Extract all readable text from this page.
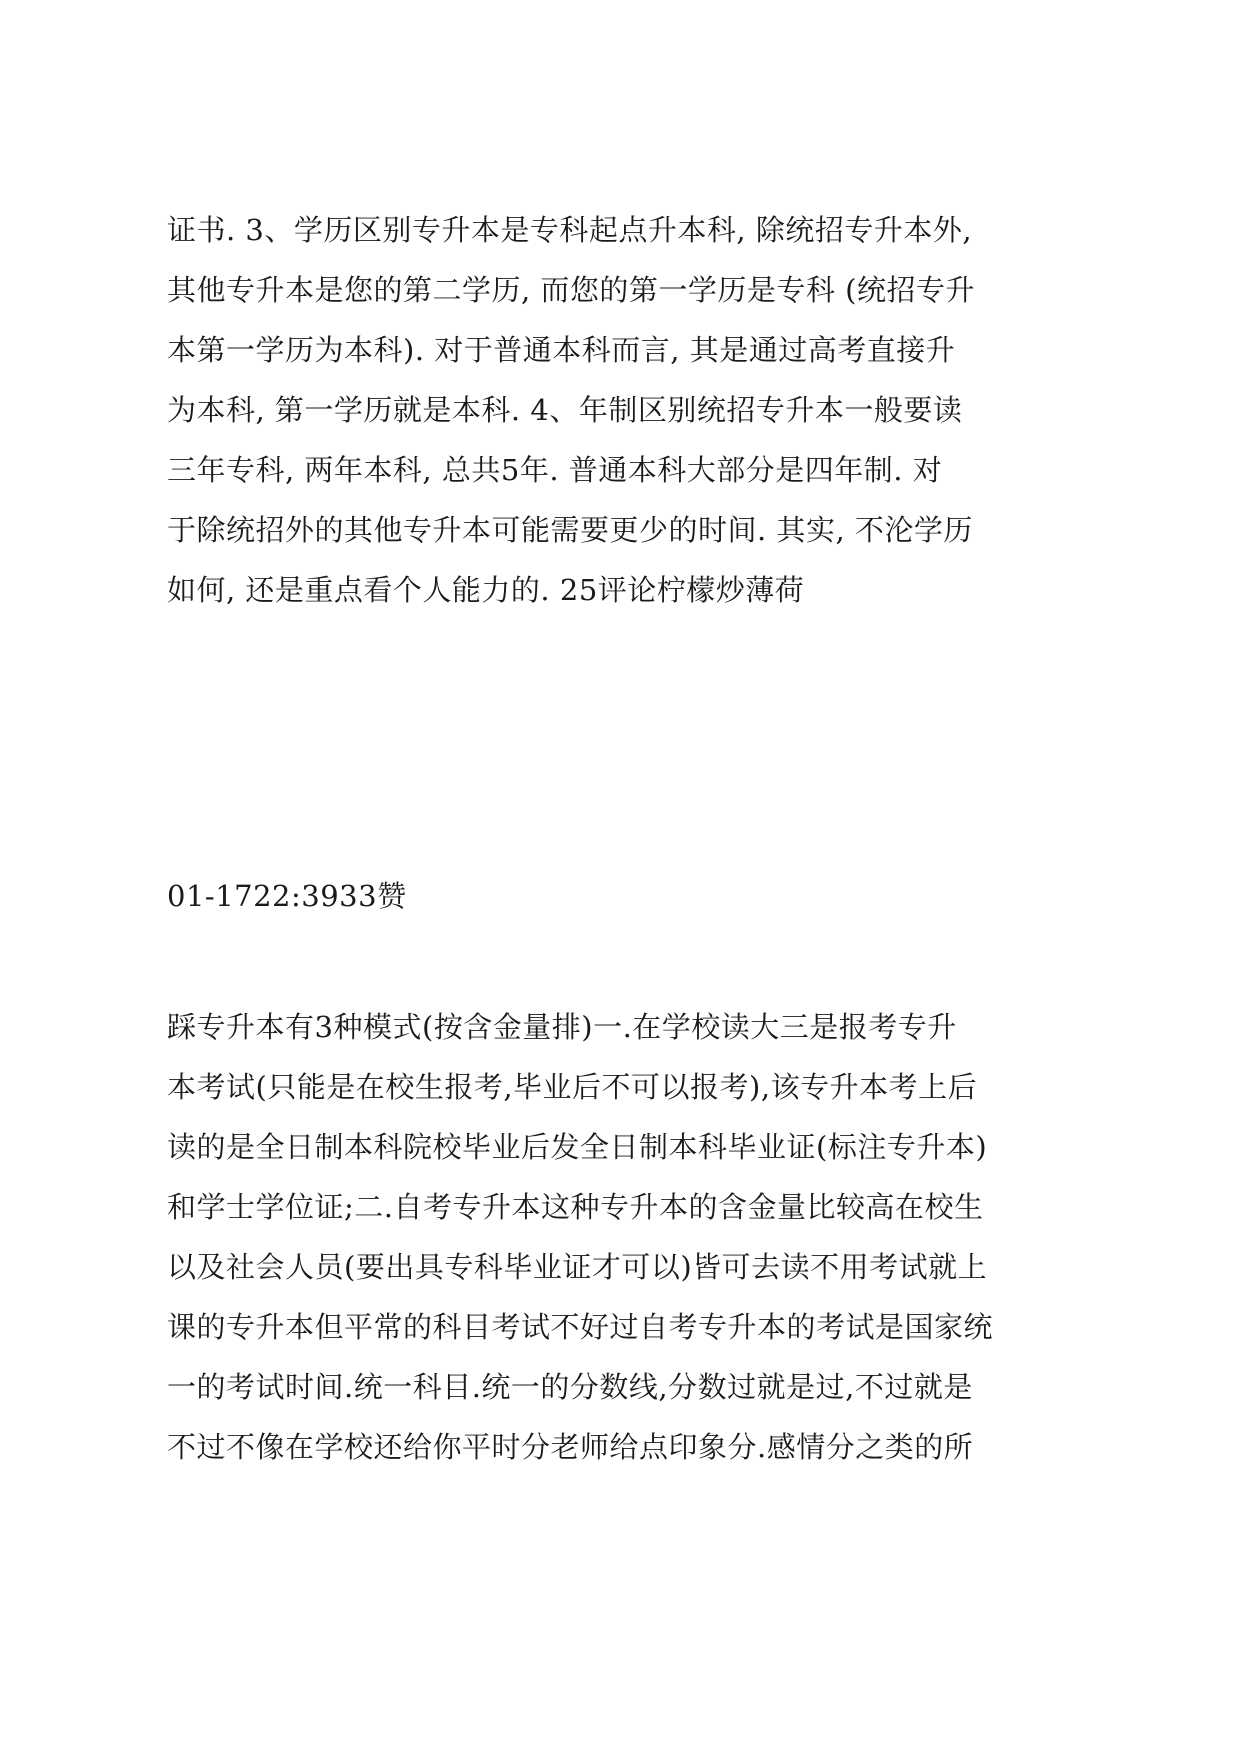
证书. 3、学历区别专升本是专科起点升本科, 除统招专升本外,
其他专升本是您的第二学历, 而您的第一学历是专科 (统招专升
本第一学历为本科). 对于普通本科而言, 其是通过高考直接升
为本科, 第一学历就是本科. 4、年制区别统招专升本一般要读
三年专科, 两年本科, 总共5年. 普通本科大部分是四年制. 对
于除统招外的其他专升本可能需要更少的时间. 其实, 不沦学历
如何, 还是重点看个人能力的. 25评论柠檬炒薄荷
01-1722:3933赞
踩专升本有3种模式(按含金量排)一.在学校读大三是报考专升
本考试(只能是在校生报考,毕业后不可以报考),该专升本考上后
读的是全日制本科院校毕业后发全日制本科毕业证(标注专升本)
和学士学位证;二.自考专升本这种专升本的含金量比较高在校生
以及社会人员(要出具专科毕业证才可以)皆可去读不用考试就上
课的专升本但平常的科目考试不好过自考专升本的考试是国家统
一的考试时间.统一科目.统一的分数线,分数过就是过,不过就是
不过不像在学校还给你平时分老师给点印象分.感情分之类的所
